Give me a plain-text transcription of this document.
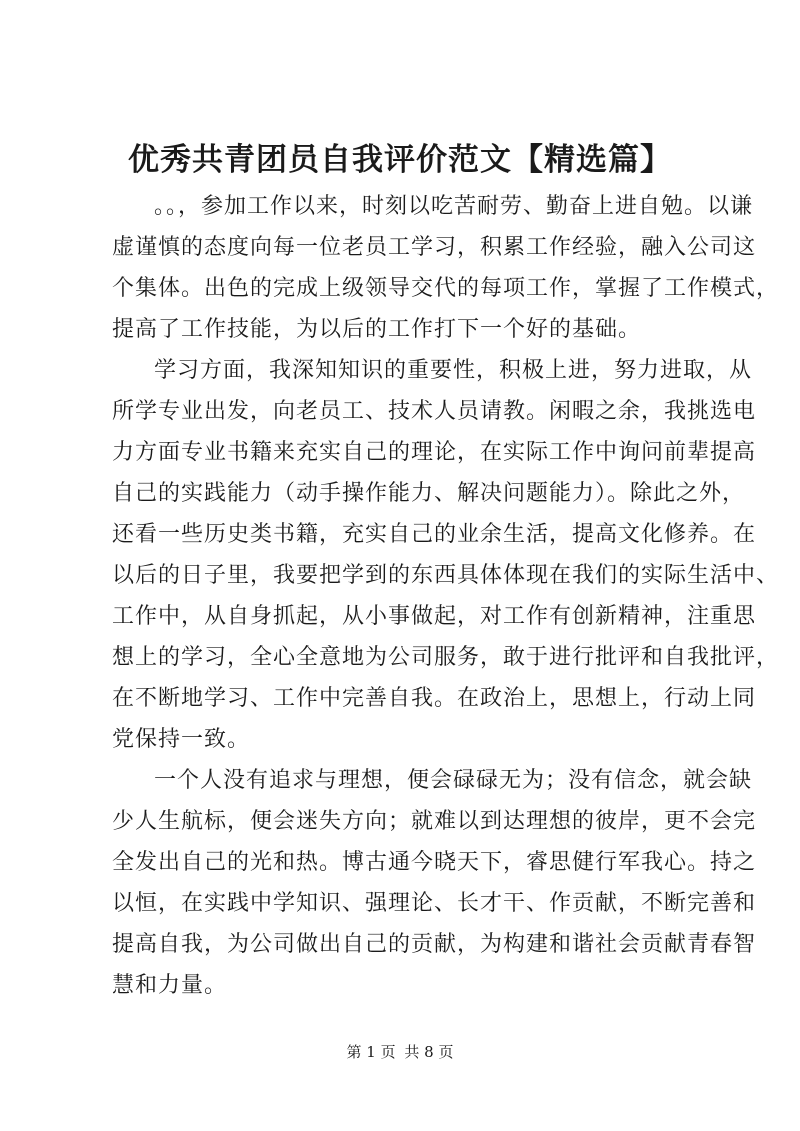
优秀共青团员自我评价范文【精选篇】

。。，参加工作以来，时刻以吃苦耐劳、勤奋上进自勉。以谦
虚谨慎的态度向每一位老员工学习，积累工作经验，融入公司这
个集体。出色的完成上级领导交代的每项工作，掌握了工作模式，
提高了工作技能，为以后的工作打下一个好的基础。

学习方面，我深知知识的重要性，积极上进，努力进取，从
所学专业出发，向老员工、技术人员请教。闲暇之余，我挑选电
力方面专业书籍来充实自己的理论，在实际工作中询问前辈提高
自己的实践能力（动手操作能力、解决问题能力）。除此之外，
还看一些历史类书籍，充实自己的业余生活，提高文化修养。在
以后的日子里，我要把学到的东西具体体现在我们的实际生活中、
工作中，从自身抓起，从小事做起，对工作有创新精神，注重思
想上的学习，全心全意地为公司服务，敢于进行批评和自我批评，
在不断地学习、工作中完善自我。在政治上，思想上，行动上同
党保持一致。

一个人没有追求与理想，便会碌碌无为；没有信念，就会缺
少人生航标，便会迷失方向；就难以到达理想的彼岸，更不会完
全发出自己的光和热。博古通今晓天下，睿思健行军我心。持之
以恒，在实践中学知识、强理论、长才干、作贡献，不断完善和
提高自我，为公司做出自己的贡献，为构建和谐社会贡献青春智
慧和力量。

第 1 页 共 8 页
